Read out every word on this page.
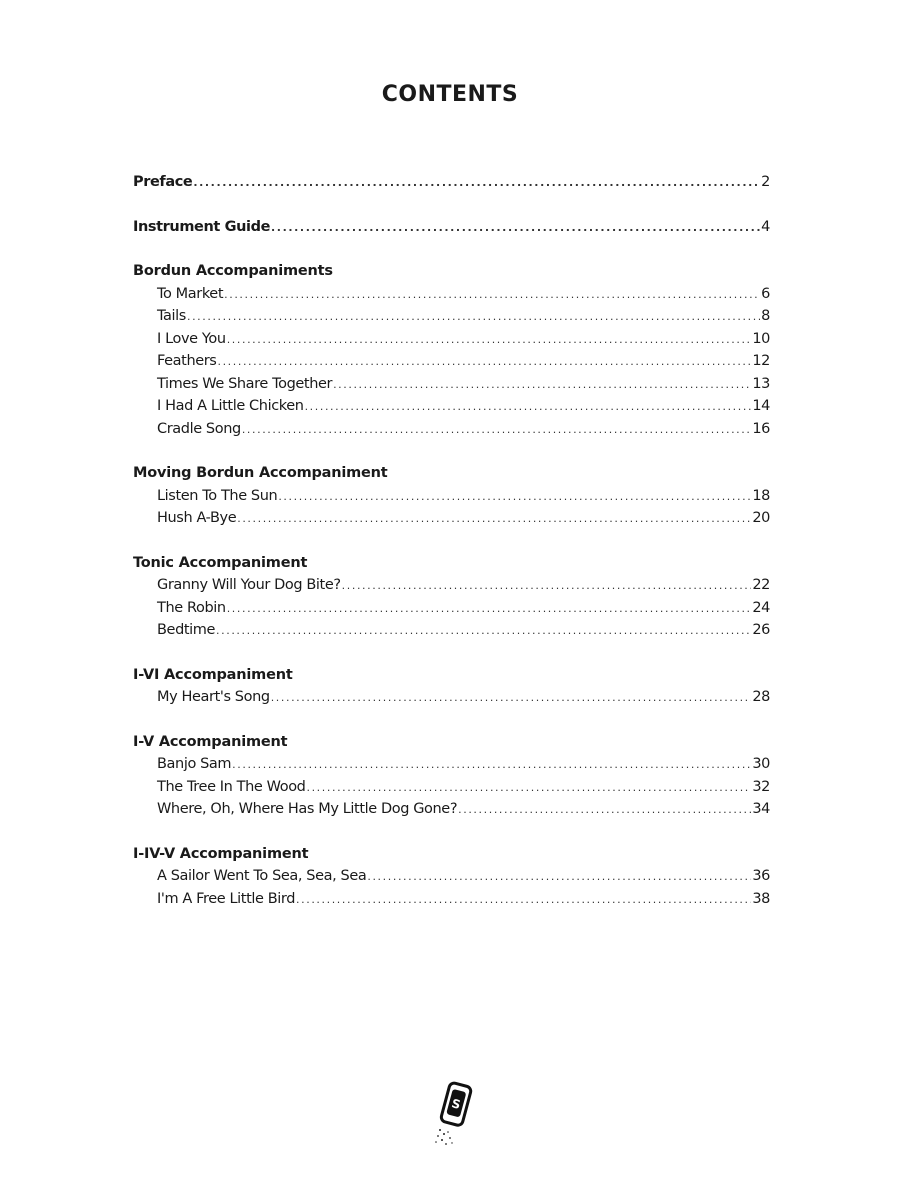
CONTENTS
Preface .....	2
Instrument Guide .....	4
Bordun Accompaniments
To Market .....	6
Tails .....	8
I Love You .....	10
Feathers .....	12
Times We Share Together .....	13
I Had A Little Chicken .....	14
Cradle Song .....	16
Moving Bordun Accompaniment
Listen To The Sun .....	18
Hush A-Bye .....	20
Tonic Accompaniment
Granny Will Your Dog Bite? .....	22
The Robin .....	24
Bedtime .....	26
I-VI Accompaniment
My Heart's Song .....	28
I-V Accompaniment
Banjo Sam .....	30
The Tree In The Wood .....	32
Where, Oh, Where Has My Little Dog Gone? .....	34
I-IV-V Accompaniment
A Sailor Went To Sea, Sea, Sea .....	36
I'm A Free Little Bird .....	38
S
